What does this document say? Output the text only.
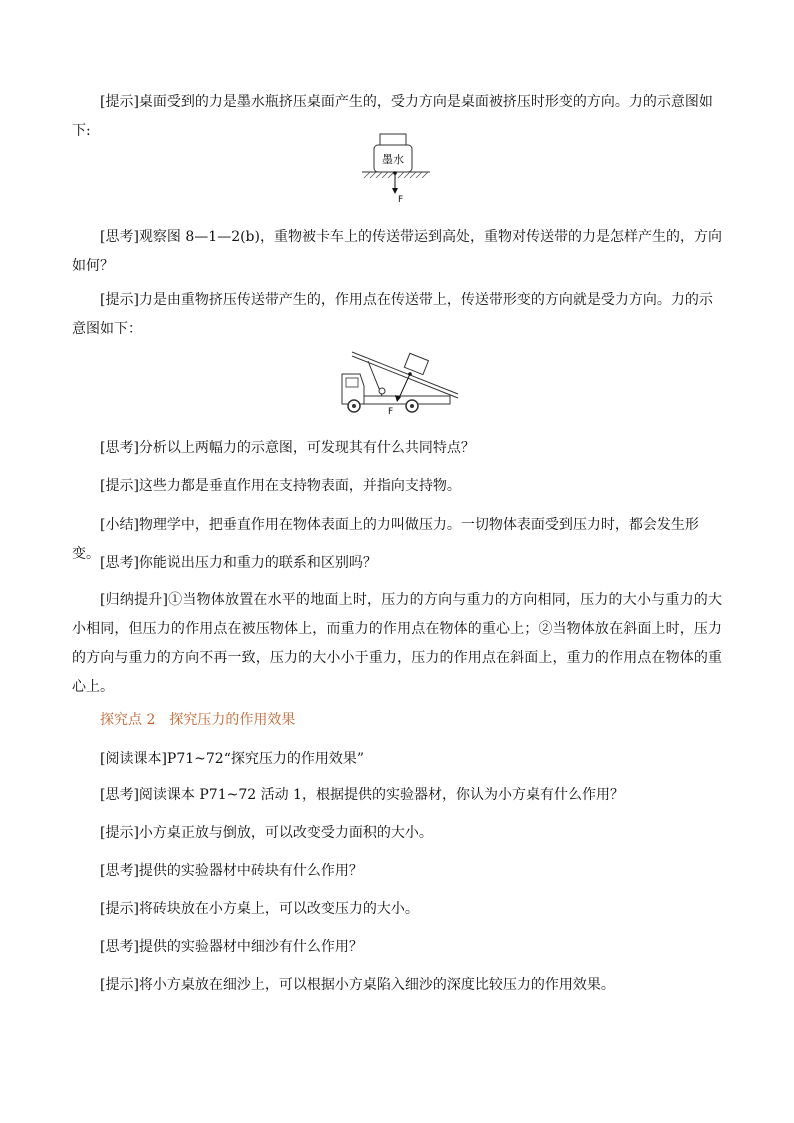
[提示]桌面受到的力是墨水瓶挤压桌面产生的，受力方向是桌面被挤压时形变的方向。力的示意图如下:

墨水
F

[思考]观察图 8—1—2(b)，重物被卡车上的传送带运到高处，重物对传送带的力是怎样产生的，方向如何？

[提示]力是由重物挤压传送带产生的，作用点在传送带上，传送带形变的方向就是受力方向。力的示意图如下：

F

[思考]分析以上两幅力的示意图，可发现其有什么共同特点？

[提示]这些力都是垂直作用在支持物表面，并指向支持物。

[小结]物理学中，把垂直作用在物体表面上的力叫做压力。一切物体表面受到压力时，都会发生形变。

[思考]你能说出压力和重力的联系和区别吗？

[归纳提升]①当物体放置在水平的地面上时，压力的方向与重力的方向相同，压力的大小与重力的大小相同，但压力的作用点在被压物体上，而重力的作用点在物体的重心上；②当物体放在斜面上时，压力的方向与重力的方向不再一致，压力的大小小于重力，压力的作用点在斜面上，重力的作用点在物体的重心上。

探究点 2　探究压力的作用效果

[阅读课本]P71~72“探究压力的作用效果”

[思考]阅读课本 P71~72 活动 1，根据提供的实验器材，你认为小方桌有什么作用？

[提示]小方桌正放与倒放，可以改变受力面积的大小。

[思考]提供的实验器材中砖块有什么作用？

[提示]将砖块放在小方桌上，可以改变压力的大小。

[思考]提供的实验器材中细沙有什么作用？

[提示]将小方桌放在细沙上，可以根据小方桌陷入细沙的深度比较压力的作用效果。
